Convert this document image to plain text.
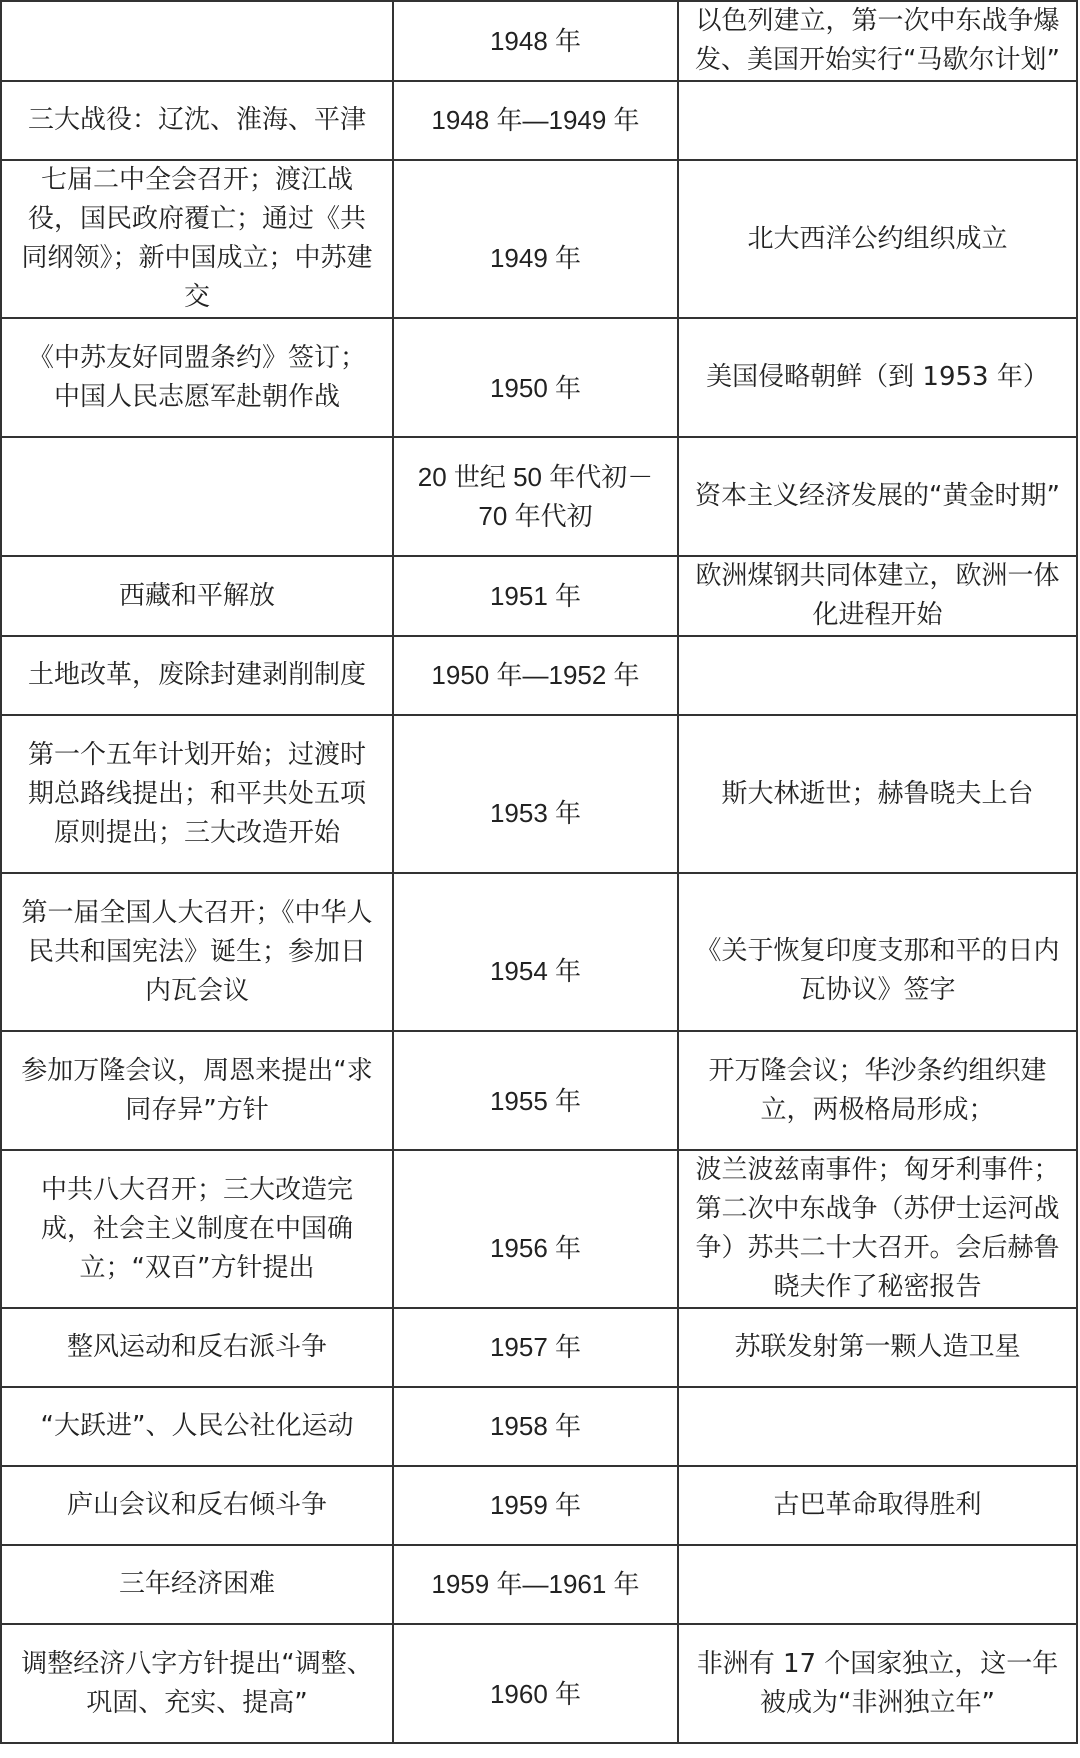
	1948 年	以色列建立，第一次中东战争爆发、美国开始实行“马歇尔计划”
三大战役：辽沈、淮海、平津	1948 年—1949 年	
七届二中全会召开；渡江战役，国民政府覆亡；通过《共同纲领》；新中国成立；中苏建交	1949 年	北大西洋公约组织成立
《中苏友好同盟条约》签订；中国人民志愿军赴朝作战	1950 年	美国侵略朝鲜（到 1953 年）
	20 世纪 50 年代初－70 年代初	资本主义经济发展的“黄金时期”
西藏和平解放	1951 年	欧洲煤钢共同体建立，欧洲一体化进程开始
土地改革，废除封建剥削制度	1950 年—1952 年	
第一个五年计划开始；过渡时期总路线提出；和平共处五项原则提出；三大改造开始	1953 年	斯大林逝世；赫鲁晓夫上台
第一届全国人大召开；《中华人民共和国宪法》诞生；参加日内瓦会议	1954 年	《关于恢复印度支那和平的日内瓦协议》签字
参加万隆会议，周恩来提出“求同存异”方针	1955 年	开万隆会议；华沙条约组织建立，两极格局形成；
中共八大召开；三大改造完成，社会主义制度在中国确立；“双百”方针提出	1956 年	波兰波兹南事件；匈牙利事件；第二次中东战争（苏伊士运河战争）苏共二十大召开。会后赫鲁晓夫作了秘密报告
整风运动和反右派斗争	1957 年	苏联发射第一颗人造卫星
“大跃进”、人民公社化运动	1958 年	
庐山会议和反右倾斗争	1959 年	古巴革命取得胜利
三年经济困难	1959 年—1961 年	
调整经济八字方针提出“调整、巩固、充实、提高”	1960 年	非洲有 17 个国家独立，这一年被成为“非洲独立年”
